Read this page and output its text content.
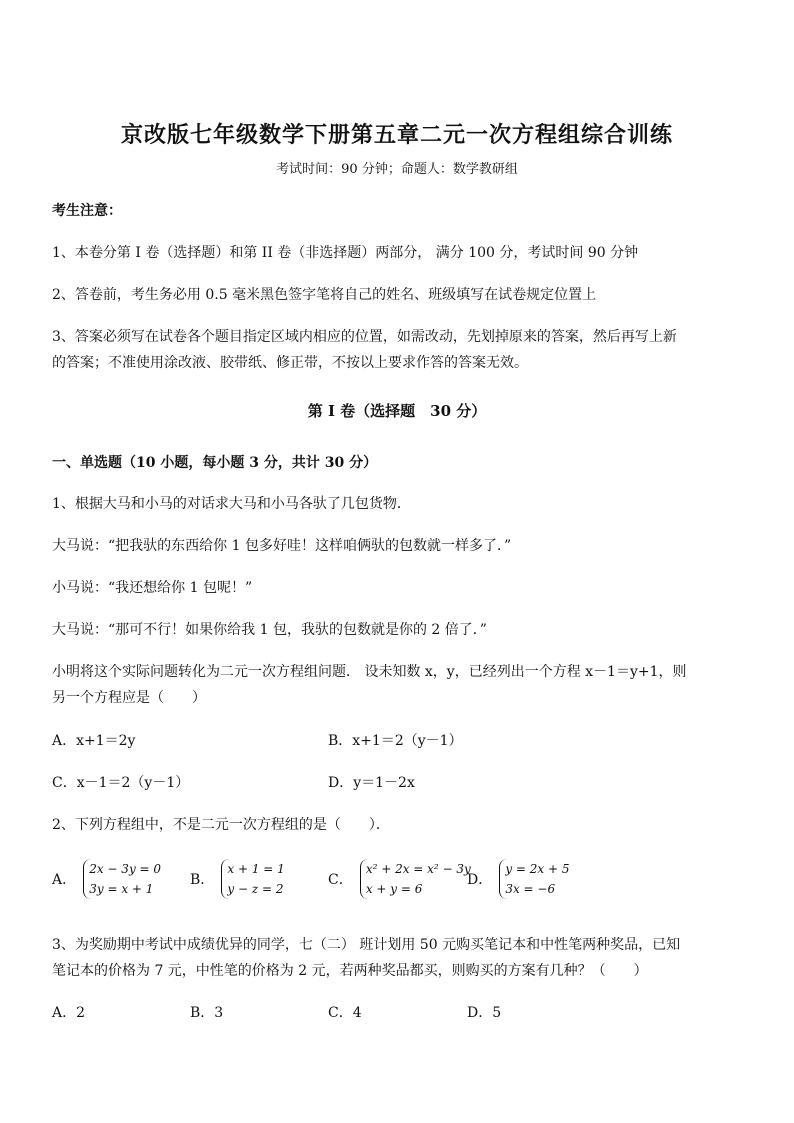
京改版七年级数学下册第五章二元一次方程组综合训练
考试时间：90 分钟；命题人：数学教研组
考生注意：
1、本卷分第 I 卷（选择题）和第 II 卷（非选择题）两部分， 满分 100 分，考试时间 90 分钟
2、答卷前，考生务必用 0.5 毫米黑色签字笔将自己的姓名、班级填写在试卷规定位置上
3、答案必须写在试卷各个题目指定区域内相应的位置，如需改动，先划掉原来的答案，然后再写上新
的答案；不准使用涂改液、胶带纸、修正带，不按以上要求作答的答案无效。
第 I 卷（选择题　30 分）
一、单选题（10 小题，每小题 3 分，共计 30 分）
1、根据大马和小马的对话求大马和小马各驮了几包货物．
大马说：“把我驮的东西给你 1 包多好哇！这样咱俩驮的包数就一样多了．”
小马说：“我还想给你 1 包呢！”
大马说：“那可不行！如果你给我 1 包，我驮的包数就是你的 2 倍了．”
小明将这个实际问题转化为二元一次方程组问题． 设未知数 x，y，已经列出一个方程 x－1＝y+1，则
另一个方程应是（　　）
A．x+1＝2y	B．x+1＝2（y－1）
C．x－1＝2（y－1）	D．y＝1－2x
2、下列方程组中，不是二元一次方程组的是（　　）．
A．
2x − 3y = 0
3y = x + 1
B．
x + 1 = 1
y − z = 2
C．
x² + 2x = x² − 3y
x + y = 6
D．
y = 2x + 5
3x = −6
3、为奖励期中考试中成绩优异的同学，七（二） 班计划用 50 元购买笔记本和中性笔两种奖品，已知
笔记本的价格为 7 元，中性笔的价格为 2 元，若两种奖品都买，则购买的方案有几种？（　　）
A．2	B．3	C．4	D．5
